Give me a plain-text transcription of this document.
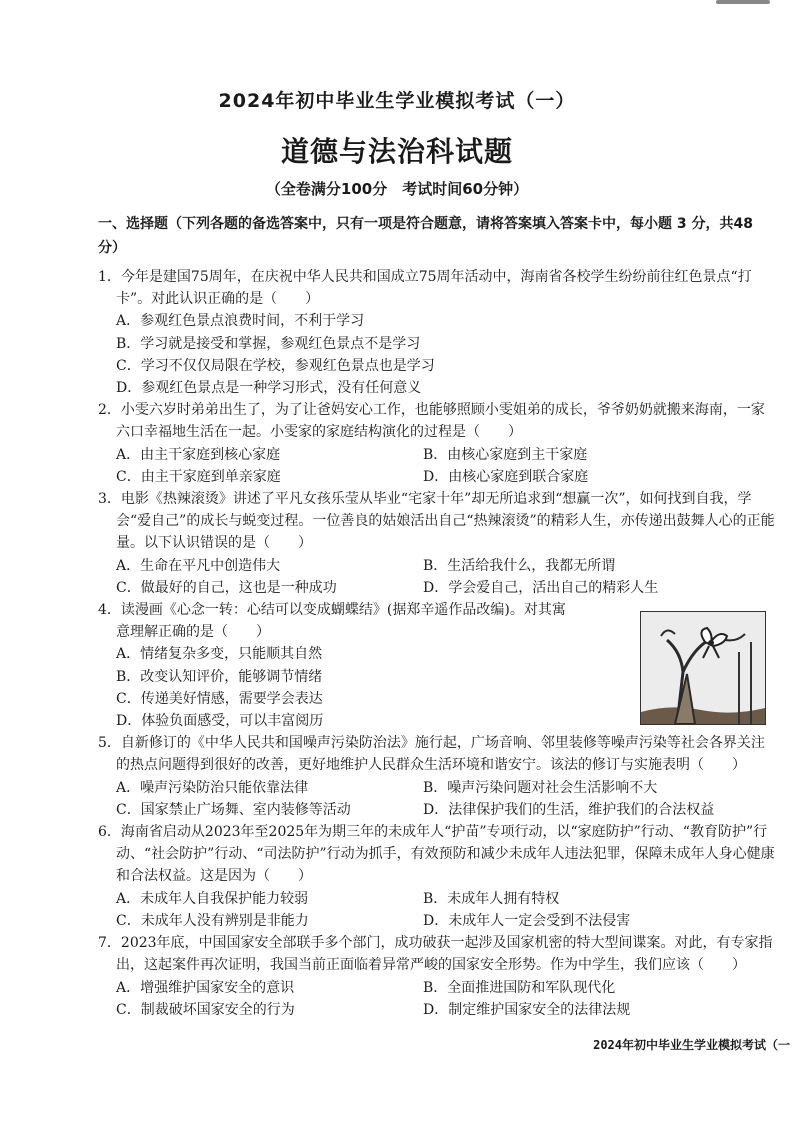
2024年初中毕业生学业模拟考试（一）
道德与法治科试题
（全卷满分100分　考试时间60分钟）
一、选择题（下列各题的备选答案中，只有一项是符合题意，请将答案填入答案卡中，每小题 3 分，共48分）

1．今年是建国75周年，在庆祝中华人民共和国成立75周年活动中，海南省各校学生纷纷前往红色景点“打卡”。对此认识正确的是（　　）

A．参观红色景点浪费时间，不利于学习

B．学习就是接受和掌握，参观红色景点不是学习

C．学习不仅仅局限在学校，参观红色景点也是学习

D．参观红色景点是一种学习形式，没有任何意义

2．小雯六岁时弟弟出生了，为了让爸妈安心工作，也能够照顾小雯姐弟的成长，爷爷奶奶就搬来海南，一家六口幸福地生活在一起。小雯家的家庭结构演化的过程是（　　）

A．由主干家庭到核心家庭	B．由核心家庭到主干家庭

C．由主干家庭到单亲家庭	D．由核心家庭到联合家庭

3．电影《热辣滚烫》讲述了平凡女孩乐莹从毕业“宅家十年”却无所追求到“想赢一次”，如何找到自我，学会“爱自己”的成长与蜕变过程。一位善良的姑娘活出自己“热辣滚烫”的精彩人生，亦传递出鼓舞人心的正能量。以下认识错误的是（　　）

A．生命在平凡中创造伟大	B．生活给我什么，我都无所谓

C．做最好的自己，这也是一种成功	D．学会爱自己，活出自己的精彩人生

4．读漫画《心念一转：心结可以变成蝴蝶结》(据郑辛遥作品改编)。对其寓意理解正确的是（　　）

A．情绪复杂多变，只能顺其自然

B．改变认知评价，能够调节情绪

C．传递美好情感，需要学会表达

D．体验负面感受，可以丰富阅历

5．自新修订的《中华人民共和国噪声污染防治法》施行起，广场音响、邻里装修等噪声污染等社会各界关注的热点问题得到很好的改善，更好地维护人民群众生活环境和谐安宁。该法的修订与实施表明（　　）

A．噪声污染防治只能依靠法律	B．噪声污染问题对社会生活影响不大

C．国家禁止广场舞、室内装修等活动	D．法律保护我们的生活，维护我们的合法权益

6．海南省启动从2023年至2025年为期三年的未成年人“护苗”专项行动，以“家庭防护”行动、“教育防护”行动、“社会防护”行动、“司法防护”行动为抓手，有效预防和减少未成年人违法犯罪，保障未成年人身心健康和合法权益。这是因为（　　）

A．未成年人自我保护能力较弱	B．未成年人拥有特权

C．未成年人没有辨别是非能力	D．未成年人一定会受到不法侵害

7．2023年底，中国国家安全部联手多个部门，成功破获一起涉及国家机密的特大型间谍案。对此，有专家指出，这起案件再次证明，我国当前正面临着异常严峻的国家安全形势。作为中学生，我们应该（　　）

A．增强维护国家安全的意识	B．全面推进国防和军队现代化

C．制裁破坏国家安全的行为	D．制定维护国家安全的法律法规

2024年初中毕业生学业模拟考试（一
